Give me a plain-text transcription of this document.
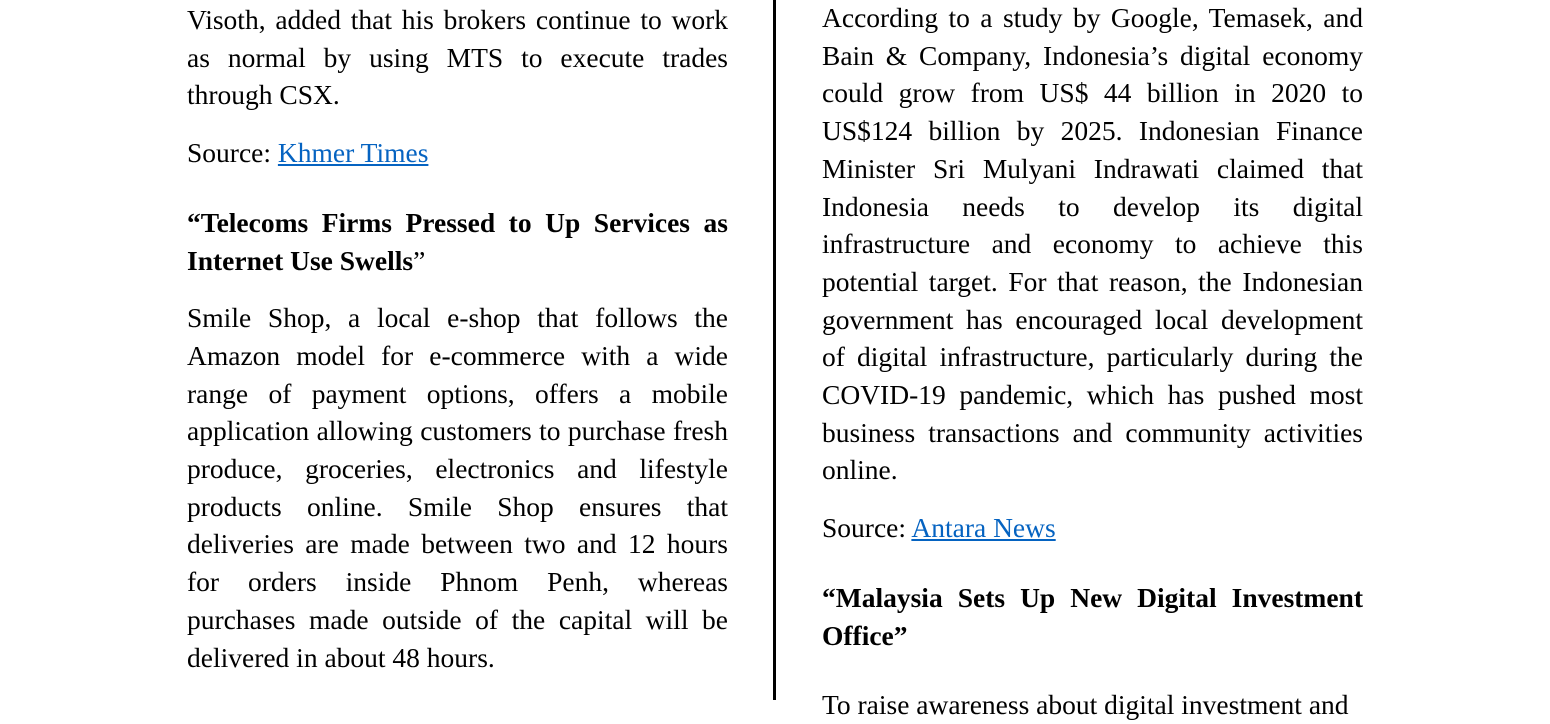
Visoth, added that his brokers continue to work as normal by using MTS to execute trades through CSX.

Source: Khmer Times

“Telecoms Firms Pressed to Up Services as Internet Use Swells”

Smile Shop, a local e-shop that follows the Amazon model for e-commerce with a wide range of payment options, offers a mobile application allowing customers to purchase fresh produce, groceries, electronics and lifestyle products online. Smile Shop ensures that deliveries are made between two and 12 hours for orders inside Phnom Penh, whereas purchases made outside of the capital will be delivered in about 48 hours.

According to a study by Google, Temasek, and Bain & Company, Indonesia’s digital economy could grow from US$ 44 billion in 2020 to US$124 billion by 2025. Indonesian Finance Minister Sri Mulyani Indrawati claimed that Indonesia needs to develop its digital infrastructure and economy to achieve this potential target. For that reason, the Indonesian government has encouraged local development of digital infrastructure, particularly during the COVID-19 pandemic, which has pushed most business transactions and community activities online.

Source: Antara News

“Malaysia Sets Up New Digital Investment Office”

To raise awareness about digital investment and
